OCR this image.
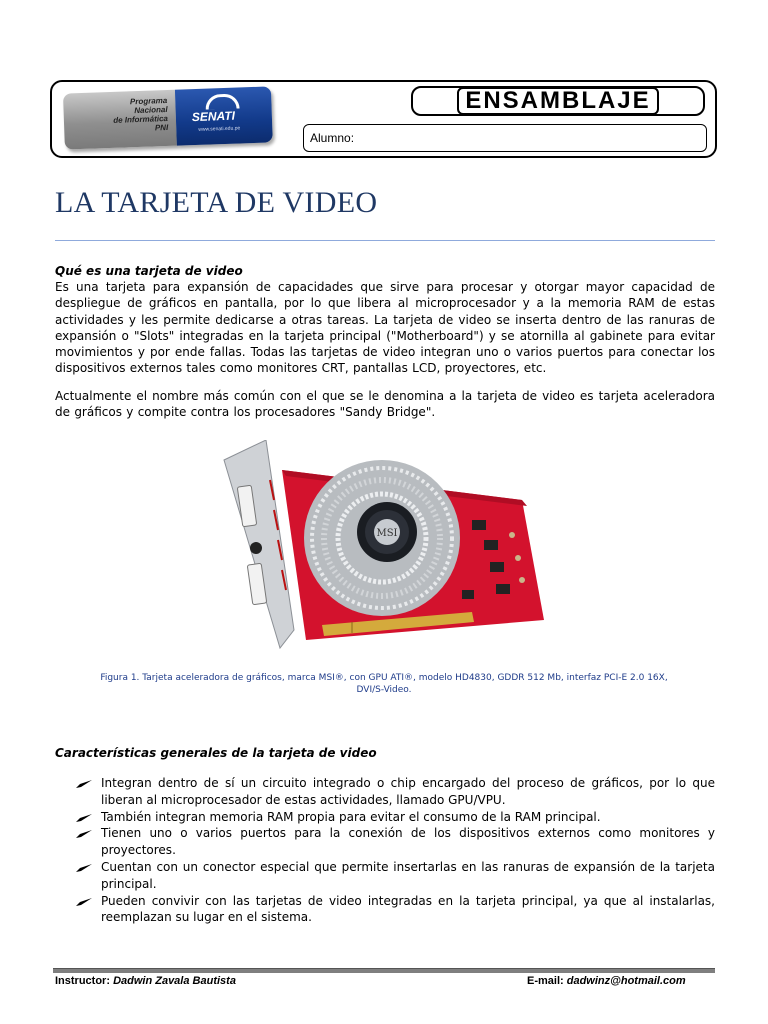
Programa
Nacional
de Informática
PNI
SENATI
www.senati.edu.pe
ENSAMBLAJE
Alumno:
LA TARJETA DE VIDEO
Qué es una tarjeta de video

Es una tarjeta para expansión de capacidades que sirve para procesar y otorgar mayor capacidad de despliegue de gráficos en pantalla, por lo que libera al microprocesador y a la memoria RAM de estas actividades y les permite dedicarse a otras tareas. La tarjeta de video se inserta dentro de las ranuras de expansión o "Slots" integradas en la tarjeta principal ("Motherboard") y se atornilla al gabinete para evitar movimientos y por ende fallas. Todas las tarjetas de video integran uno o varios puertos para conectar los dispositivos externos tales como monitores CRT, pantallas LCD, proyectores, etc.

Actualmente el nombre más común con el que se le denomina a la tarjeta de video es tarjeta aceleradora de gráficos y compite contra los procesadores "Sandy Bridge".

MSI

Figura 1. Tarjeta aceleradora de gráficos, marca MSI®, con GPU ATI®, modelo HD4830, GDDR 512 Mb, interfaz PCI-E 2.0 16X,
DVI/S-Video.

Características generales de la tarjeta de video
Integran dentro de sí un circuito integrado o chip encargado del proceso de gráficos, por lo que liberan al microprocesador de estas actividades, llamado GPU/VPU.
También integran memoria RAM propia para evitar el consumo de la RAM principal.
Tienen uno o varios puertos para la conexión de los dispositivos externos como monitores y proyectores.
Cuentan con un conector especial que permite insertarlas en las ranuras de expansión de la tarjeta principal.
Pueden convivir con las tarjetas de video integradas en la tarjeta principal, ya que al instalarlas, reemplazan su lugar en el sistema.
Instructor: Dadwin Zavala Bautista	E-mail: dadwinz@hotmail.com
